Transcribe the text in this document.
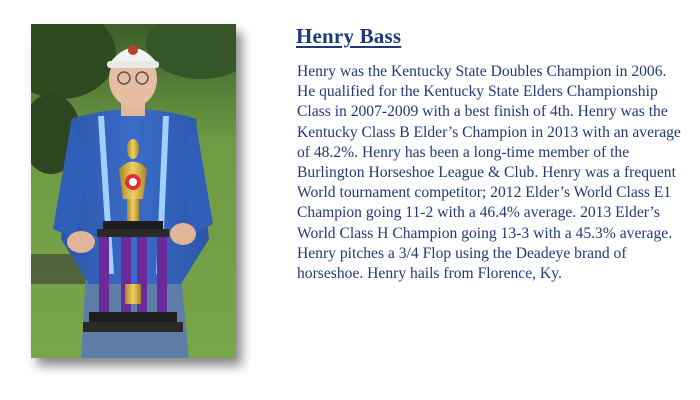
Henry Bass

Henry was the Kentucky State Doubles Champion in 2006. He qualified for the Kentucky State Elders Championship Class in 2007-2009 with a best finish of 4th. Henry was the Kentucky Class B Elder’s Champion in 2013 with an average of 48.2%. Henry has been a long-time member of the Burlington Horseshoe League & Club. Henry was a frequent World tournament competitor; 2012 Elder’s World Class E1 Champion going 11-2 with a 46.4% average. 2013 Elder’s World Class H Champion going 13-3 with a 45.3% average. Henry pitches a 3/4 Flop using the Deadeye brand of horseshoe. Henry hails from Florence, Ky.
